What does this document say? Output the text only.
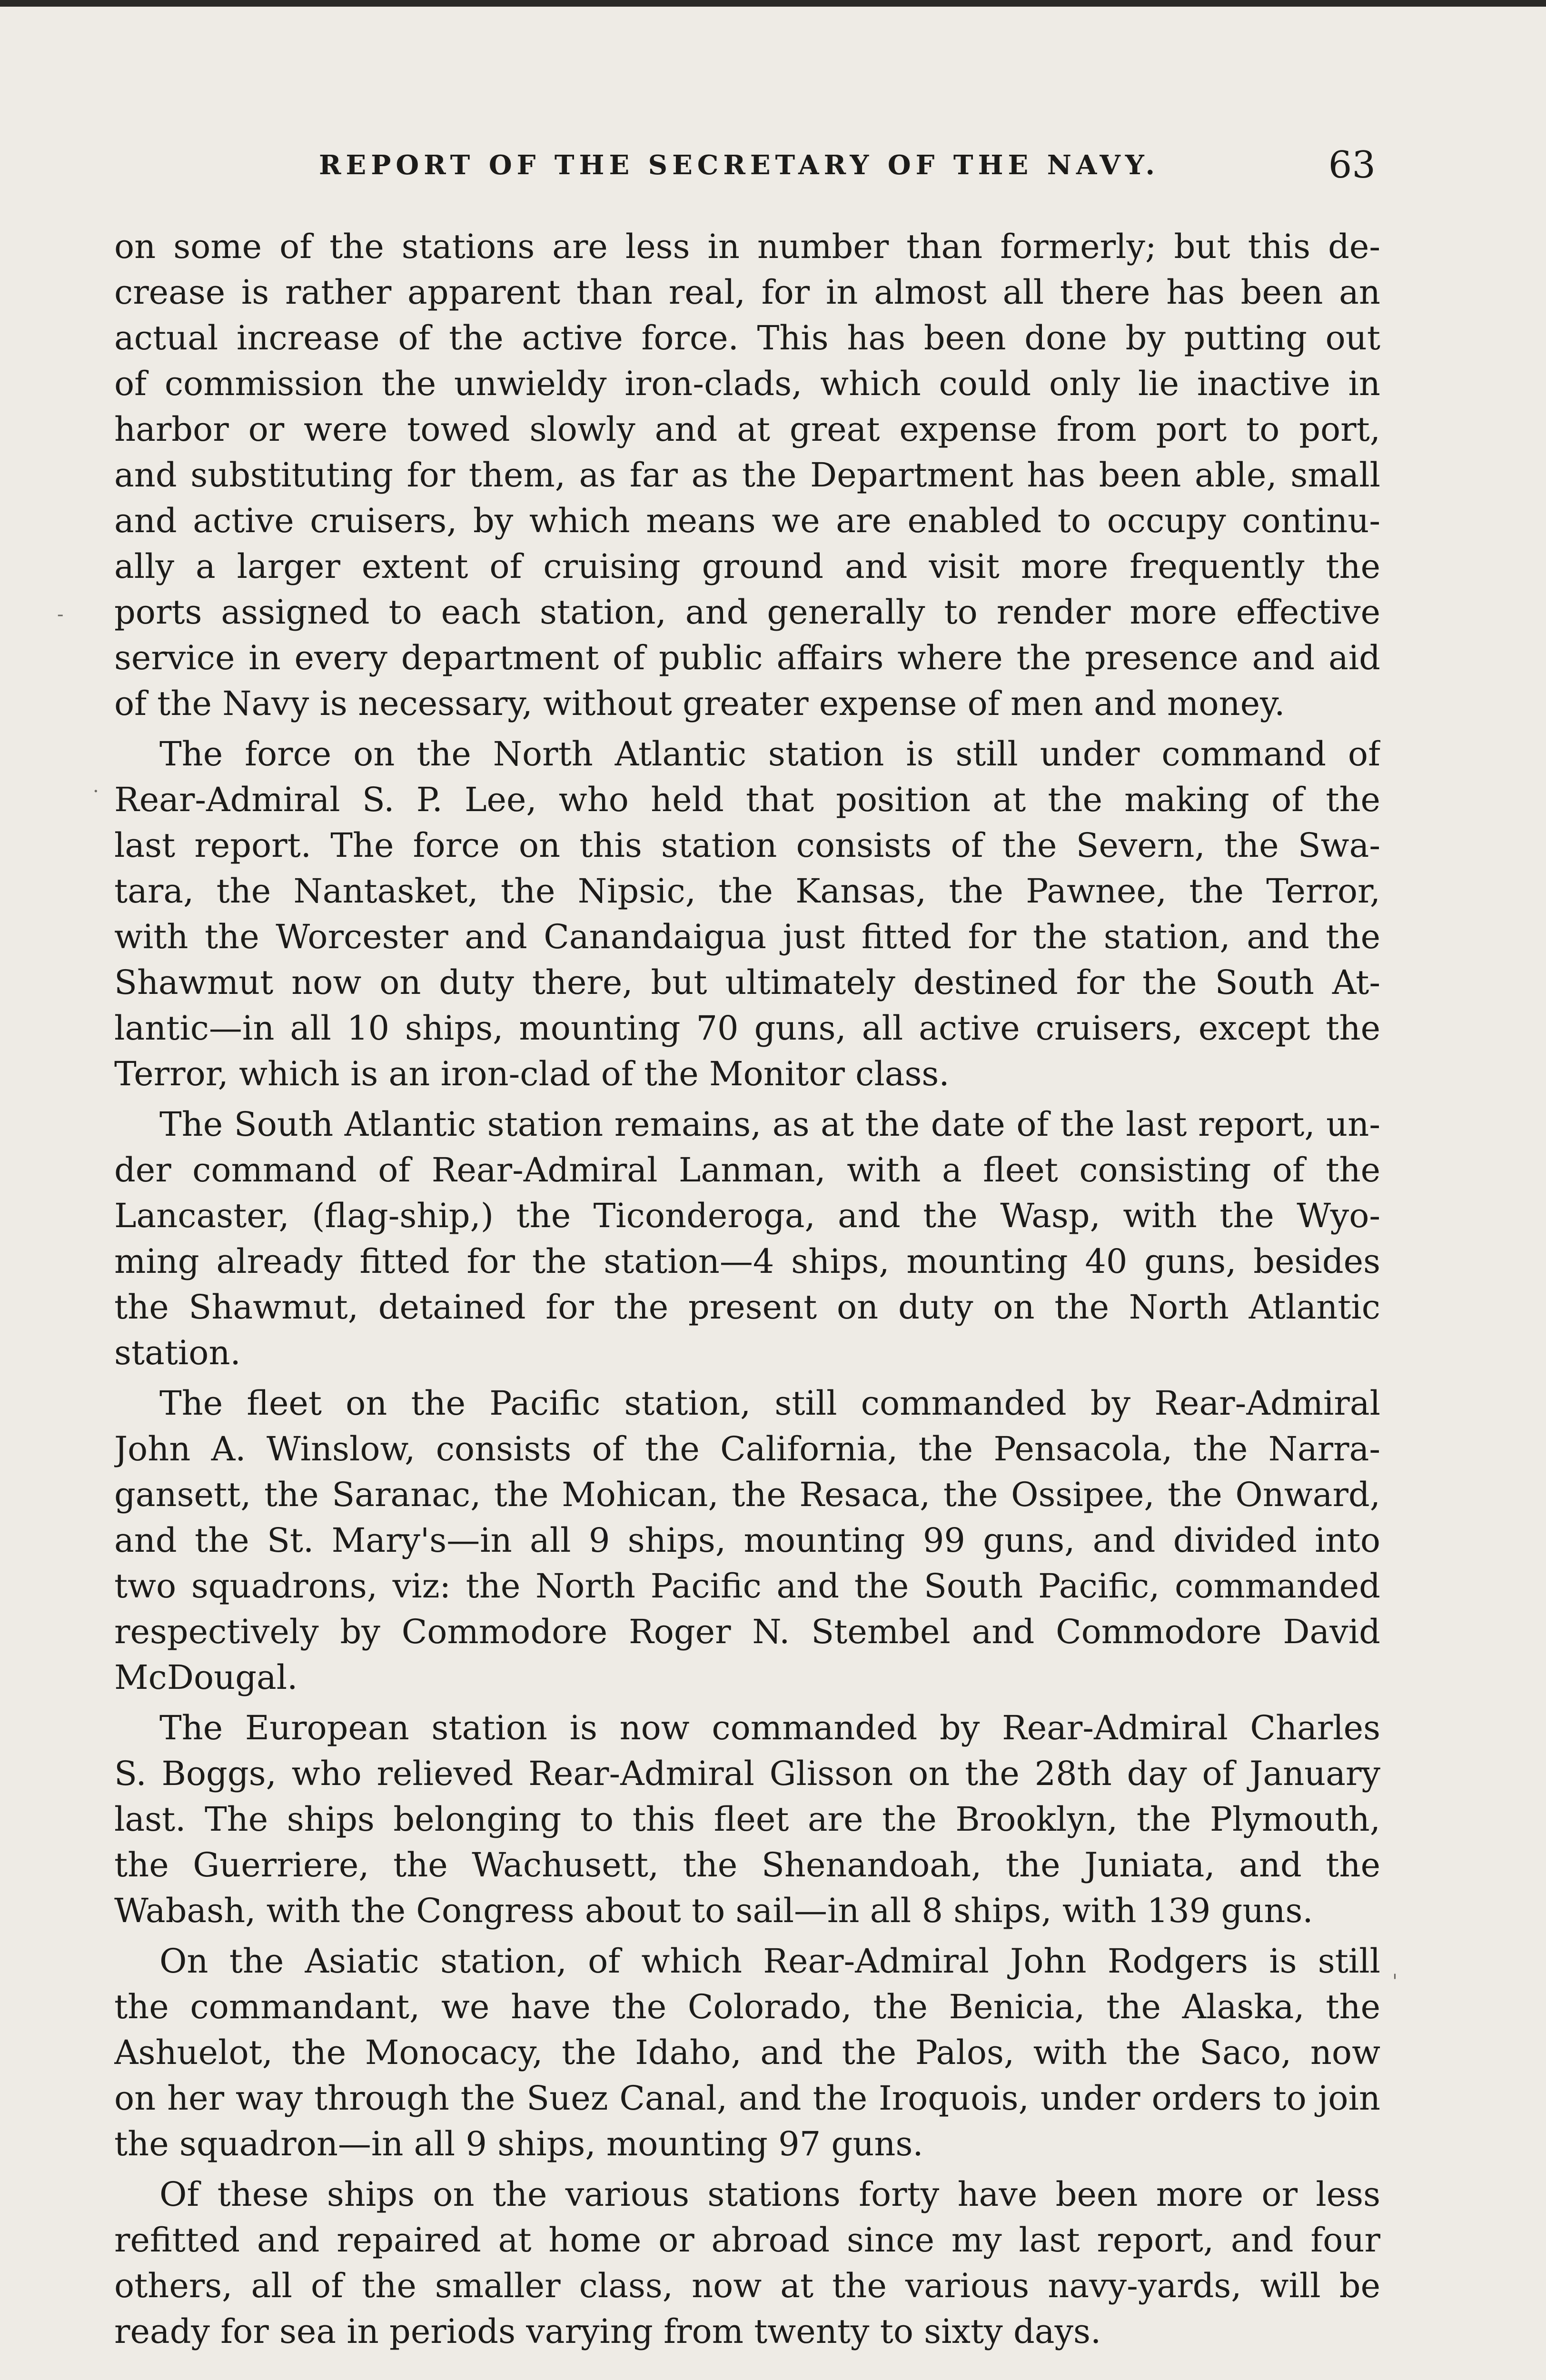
REPORT OF THE SECRETARY OF THE NAVY.	63
on some of the stations are less in number than formerly; but this de-
crease is rather apparent than real, for in almost all there has been an
actual increase of the active force. This has been done by putting out
of commission the unwieldy iron-clads, which could only lie inactive in
harbor or were towed slowly and at great expense from port to port,
and substituting for them, as far as the Department has been able, small
and active cruisers, by which means we are enabled to occupy continu-
ally a larger extent of cruising ground and visit more frequently the
ports assigned to each station, and generally to render more effective
service in every department of public affairs where the presence and aid
of the Navy is necessary, without greater expense of men and money.
The force on the North Atlantic station is still under command of
Rear-Admiral S. P. Lee, who held that position at the making of the
last report. The force on this station consists of the Severn, the Swa-
tara, the Nantasket, the Nipsic, the Kansas, the Pawnee, the Terror,
with the Worcester and Canandaigua just fitted for the station, and the
Shawmut now on duty there, but ultimately destined for the South At-
lantic—in all 10 ships, mounting 70 guns, all active cruisers, except the
Terror, which is an iron-clad of the Monitor class.
The South Atlantic station remains, as at the date of the last report, un-
der command of Rear-Admiral Lanman, with a fleet consisting of the
Lancaster, (flag-ship,) the Ticonderoga, and the Wasp, with the Wyo-
ming already fitted for the station—4 ships, mounting 40 guns, besides
the Shawmut, detained for the present on duty on the North Atlantic
station.
The fleet on the Pacific station, still commanded by Rear-Admiral
John A. Winslow, consists of the California, the Pensacola, the Narra-
gansett, the Saranac, the Mohican, the Resaca, the Ossipee, the Onward,
and the St. Mary's—in all 9 ships, mounting 99 guns, and divided into
two squadrons, viz: the North Pacific and the South Pacific, commanded
respectively by Commodore Roger N. Stembel and Commodore David
McDougal.
The European station is now commanded by Rear-Admiral Charles
S. Boggs, who relieved Rear-Admiral Glisson on the 28th day of January
last. The ships belonging to this fleet are the Brooklyn, the Plymouth,
the Guerriere, the Wachusett, the Shenandoah, the Juniata, and the
Wabash, with the Congress about to sail—in all 8 ships, with 139 guns.
On the Asiatic station, of which Rear-Admiral John Rodgers is still
the commandant, we have the Colorado, the Benicia, the Alaska, the
Ashuelot, the Monocacy, the Idaho, and the Palos, with the Saco, now
on her way through the Suez Canal, and the Iroquois, under orders to join
the squadron—in all 9 ships, mounting 97 guns.
Of these ships on the various stations forty have been more or less
refitted and repaired at home or abroad since my last report, and four
others, all of the smaller class, now at the various navy-yards, will be
ready for sea in periods varying from twenty to sixty days.
-
·
'
